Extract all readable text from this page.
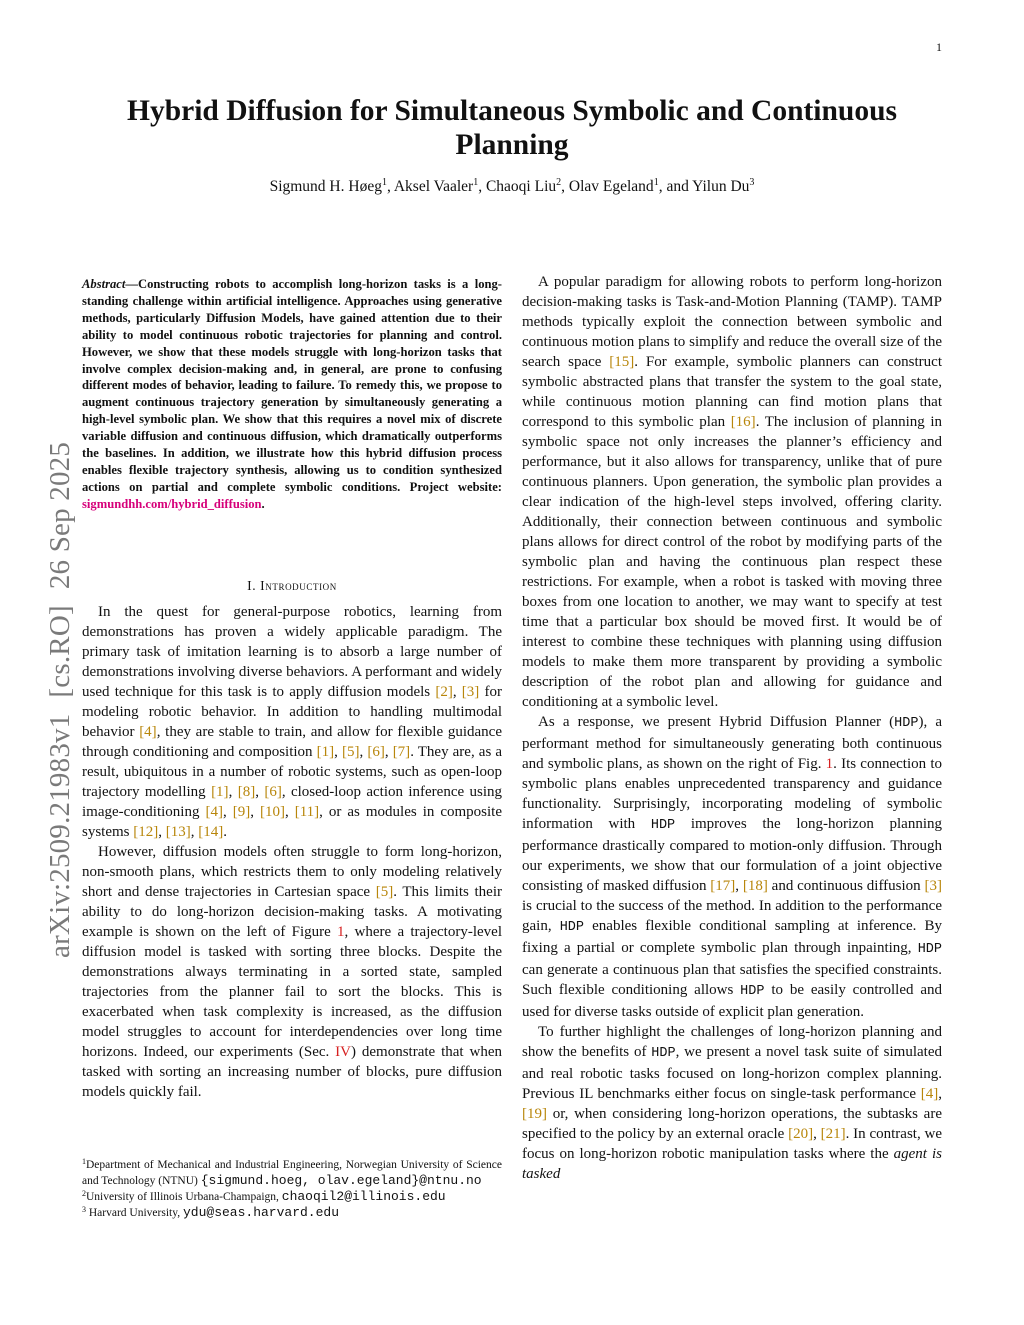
1
arXiv:2509.21983v1[cs.RO]26 Sep 2025
Hybrid Diffusion for Simultaneous Symbolic and Continuous Planning
Sigmund H. Høeg$^1$, Aksel Vaaler$^1$, Chaoqi Liu$^2$, Olav Egeland$^1$, and Yilun Du$^3$
Abstract—Constructing robots to accomplish long-horizon tasks is a long-standing challenge within artificial intelligence. Approaches using generative methods, particularly Diffusion Models, have gained attention due to their ability to model continuous robotic trajectories for planning and control. However, we show that these models struggle with long-horizon tasks that involve complex decision-making and, in general, are prone to confusing different modes of behavior, leading to failure. To remedy this, we propose to augment continuous trajectory generation by simultaneously generating a high-level symbolic plan. We show that this requires a novel mix of discrete variable diffusion and continuous diffusion, which dramatically outperforms the baselines. In addition, we illustrate how this hybrid diffusion process enables flexible trajectory synthesis, allowing us to condition synthesized actions on partial and complete symbolic conditions. Project website: sigmundhh.com/hybrid_diffusion.
I. Introduction

In the quest for general-purpose robotics, learning from demonstrations has proven a widely applicable paradigm. The primary task of imitation learning is to absorb a large number of demonstrations involving diverse behaviors. A performant and widely used technique for this task is to apply diffusion models [2], [3] for modeling robotic behavior. In addition to handling multimodal behavior [4], they are stable to train, and allow for flexible guidance through conditioning and composition [1], [5], [6], [7]. They are, as a result, ubiquitous in a number of robotic systems, such as open-loop trajectory modelling [1], [8], [6], closed-loop action inference using image-conditioning [4], [9], [10], [11], or as modules in composite systems [12], [13], [14].

However, diffusion models often struggle to form long-horizon, non-smooth plans, which restricts them to only modeling relatively short and dense trajectories in Cartesian space [5]. This limits their ability to do long-horizon decision-making tasks. A motivating example is shown on the left of Figure 1, where a trajectory-level diffusion model is tasked with sorting three blocks. Despite the demonstrations always terminating in a sorted state, sampled trajectories from the planner fail to sort the blocks. This is exacerbated when task complexity is increased, as the diffusion model struggles to account for interdependencies over long time horizons. Indeed, our experiments (Sec. IV) demonstrate that when tasked with sorting an increasing number of blocks, pure diffusion models quickly fail.

A popular paradigm for allowing robots to perform long-horizon decision-making tasks is Task-and-Motion Planning (TAMP). TAMP methods typically exploit the connection between symbolic and continuous motion plans to simplify and reduce the overall size of the search space [15]. For example, symbolic planners can construct symbolic abstracted plans that transfer the system to the goal state, while continuous motion planning can find motion plans that correspond to this symbolic plan [16]. The inclusion of planning in symbolic space not only increases the planner’s efficiency and performance, but it also allows for transparency, unlike that of pure continuous planners. Upon generation, the symbolic plan provides a clear indication of the high-level steps involved, offering clarity. Additionally, their connection between continuous and symbolic plans allows for direct control of the robot by modifying parts of the symbolic plan and having the continuous plan respect these restrictions. For example, when a robot is tasked with moving three boxes from one location to another, we may want to specify at test time that a particular box should be moved first. It would be of interest to combine these techniques with planning using diffusion models to make them more transparent by providing a symbolic description of the robot plan and allowing for guidance and conditioning at a symbolic level.

As a response, we present Hybrid Diffusion Planner (HDP), a performant method for simultaneously generating both continuous and symbolic plans, as shown on the right of Fig. 1. Its connection to symbolic plans enables unprecedented transparency and guidance functionality. Surprisingly, incorporating modeling of symbolic information with HDP improves the long-horizon planning performance drastically compared to motion-only diffusion. Through our experiments, we show that our formulation of a joint objective consisting of masked diffusion [17], [18] and continuous diffusion [3] is crucial to the success of the method. In addition to the performance gain, HDP enables flexible conditional sampling at inference. By fixing a partial or complete symbolic plan through inpainting, HDP can generate a continuous plan that satisfies the specified constraints. Such flexible conditioning allows HDP to be easily controlled and used for diverse tasks outside of explicit plan generation.

To further highlight the challenges of long-horizon planning and show the benefits of HDP, we present a novel task suite of simulated and real robotic tasks focused on long-horizon complex planning. Previous IL benchmarks either focus on single-task performance [4], [19] or, when considering long-horizon operations, the subtasks are specified to the policy by an external oracle [20], [21]. In contrast, we focus on long-horizon robotic manipulation tasks where the agent is tasked

$^1$Department of Mechanical and Industrial Engineering, Norwegian University of Science and Technology (NTNU) {sigmund.hoeg, olav.egeland}@ntnu.no
$^2$University of Illinois Urbana-Champaign, chaoqil2@illinois.edu
$^3$ Harvard University, ydu@seas.harvard.edu
